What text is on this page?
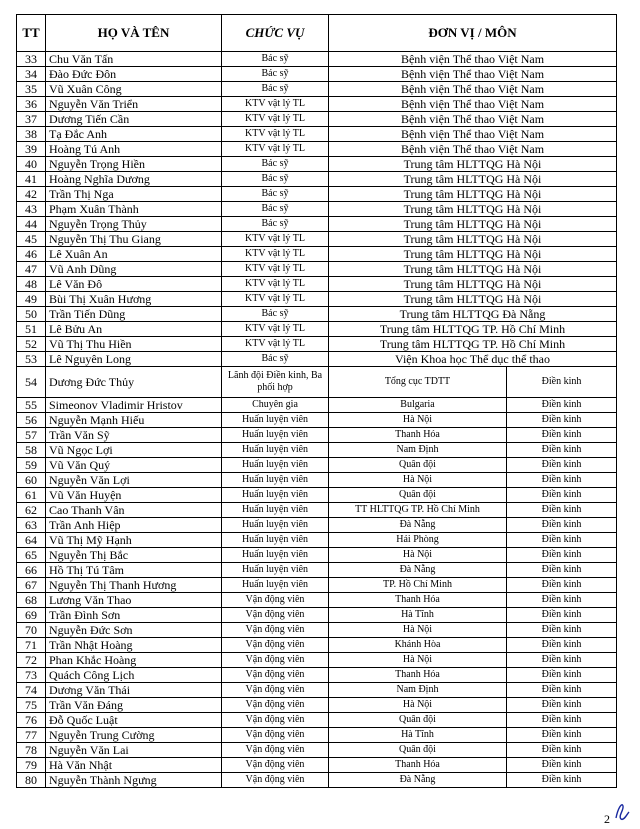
TT	HỌ VÀ TÊN	CHỨC VỤ	ĐƠN VỊ / MÔN	
33	Chu Văn Tấn	Bác sỹ	Bệnh viện Thể thao Việt Nam	
34	Đào Đức Đôn	Bác sỹ	Bệnh viện Thể thao Việt Nam	
35	Vũ Xuân Công	Bác sỹ	Bệnh viện Thể thao Việt Nam	
36	Nguyễn Văn Triển	KTV vật lý TL	Bệnh viện Thể thao Việt Nam	
37	Dương Tiến Cần	KTV vật lý TL	Bệnh viện Thể thao Việt Nam	
38	Tạ Đắc Anh	KTV vật lý TL	Bệnh viện Thể thao Việt Nam	
39	Hoàng Tú Anh	KTV vật lý TL	Bệnh viện Thể thao Việt Nam	
40	Nguyễn Trọng Hiền	Bác sỹ	Trung tâm HLTTQG Hà Nội	
41	Hoàng Nghĩa Dương	Bác sỹ	Trung tâm HLTTQG Hà Nội	
42	Trần Thị Nga	Bác sỹ	Trung tâm HLTTQG Hà Nội	
43	Phạm Xuân Thành	Bác sỹ	Trung tâm HLTTQG Hà Nội	
44	Nguyễn Trọng Thủy	Bác sỹ	Trung tâm HLTTQG Hà Nội	
45	Nguyễn Thị Thu Giang	KTV vật lý TL	Trung tâm HLTTQG Hà Nội	
46	Lê Xuân An	KTV vật lý TL	Trung tâm HLTTQG Hà Nội	
47	Vũ Anh Dũng	KTV vật lý TL	Trung tâm HLTTQG Hà Nội	
48	Lê Văn Đô	KTV vật lý TL	Trung tâm HLTTQG Hà Nội	
49	Bùi Thị Xuân Hương	KTV vật lý TL	Trung tâm HLTTQG Hà Nội	
50	Trần Tiến Dũng	Bác sỹ	Trung tâm HLTTQG Đà Nẵng	
51	Lê Bửu An	KTV vật lý TL	Trung tâm HLTTQG TP. Hồ Chí Minh	
52	Vũ Thị Thu Hiền	KTV vật lý TL	Trung tâm HLTTQG TP. Hồ Chí Minh	
53	Lê Nguyên Long	Bác sỹ	Viện Khoa học Thể dục thể thao	
54	Dương Đức Thủy	Lãnh đội Điền kinh, Ba phối hợp	Tổng cục TDTT	Điền kinh
55	Simeonov Vladimir Hristov	Chuyên gia	Bulgaria	Điền kinh
56	Nguyễn Mạnh Hiếu	Huấn luyện viên	Hà Nội	Điền kinh
57	Trần Văn Sỹ	Huấn luyện viên	Thanh Hóa	Điền kinh
58	Vũ Ngọc Lợi	Huấn luyện viên	Nam Định	Điền kinh
59	Vũ Văn Quý	Huấn luyện viên	Quân đội	Điền kinh
60	Nguyễn Văn Lợi	Huấn luyện viên	Hà Nội	Điền kinh
61	Vũ Văn Huyện	Huấn luyện viên	Quân đội	Điền kinh
62	Cao Thanh Vân	Huấn luyện viên	TT HLTTQG TP. Hồ Chí Minh	Điền kinh
63	Trần Anh Hiệp	Huấn luyện viên	Đà Nẵng	Điền kinh
64	Vũ Thị Mỹ Hạnh	Huấn luyện viên	Hải Phòng	Điền kinh
65	Nguyễn Thị Bắc	Huấn luyện viên	Hà Nội	Điền kinh
66	Hồ Thị Tú Tâm	Huấn luyện viên	Đà Nẵng	Điền kinh
67	Nguyễn Thị Thanh Hương	Huấn luyện viên	TP. Hồ Chí Minh	Điền kinh
68	Lương Văn Thao	Vận động viên	Thanh Hóa	Điền kinh
69	Trần Đình Sơn	Vận động viên	Hà Tĩnh	Điền kinh
70	Nguyễn Đức Sơn	Vận động viên	Hà Nội	Điền kinh
71	Trần Nhật Hoàng	Vận động viên	Khánh Hòa	Điền kinh
72	Phan Khắc Hoàng	Vận động viên	Hà Nội	Điền kinh
73	Quách Công Lịch	Vận động viên	Thanh Hóa	Điền kinh
74	Dương Văn Thái	Vận động viên	Nam Định	Điền kinh
75	Trần Văn Đáng	Vận động viên	Hà Nội	Điền kinh
76	Đỗ Quốc Luật	Vận động viên	Quân đội	Điền kinh
77	Nguyễn Trung Cường	Vận động viên	Hà Tĩnh	Điền kinh
78	Nguyễn Văn Lai	Vận động viên	Quân đội	Điền kinh
79	Hà Văn Nhật	Vận động viên	Thanh Hóa	Điền kinh
80	Nguyễn Thành Ngưng	Vận động viên	Đà Nẵng	Điền kinh
2
